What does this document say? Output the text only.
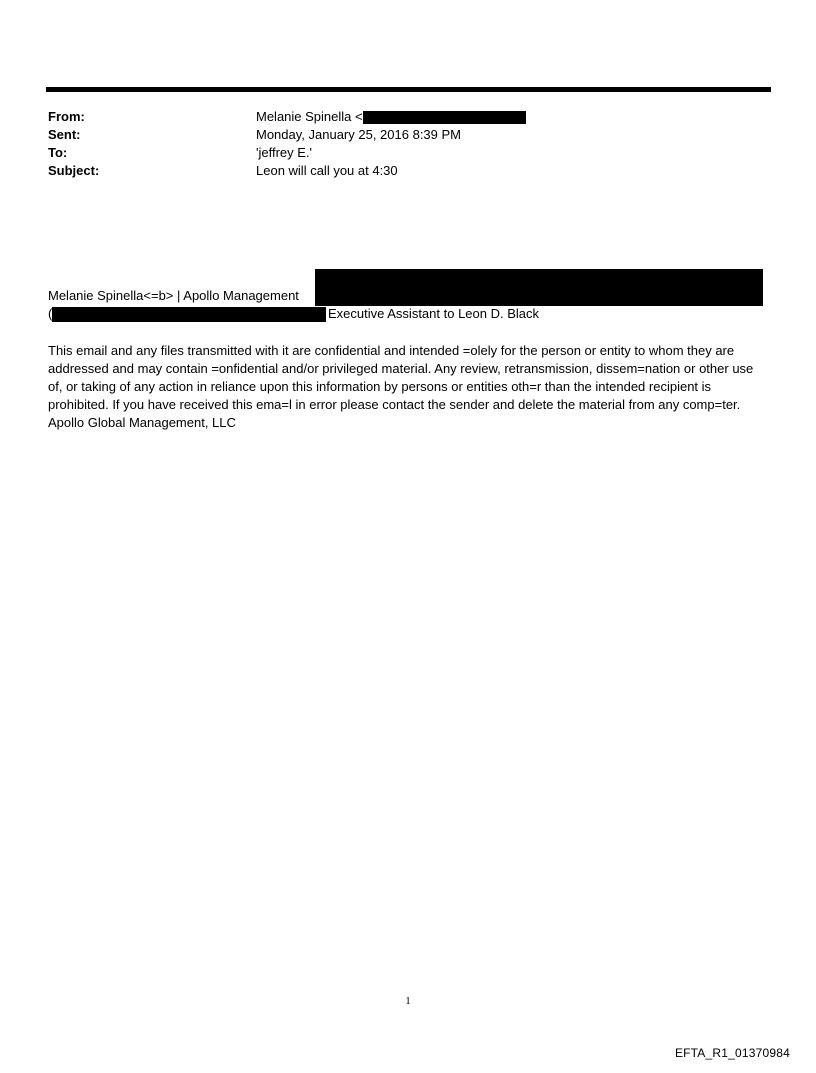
From:	Melanie Spinella <
Sent:	Monday, January 25, 2016 8:39 PM
To:	'jeffrey E.'
Subject:	Leon will call you at 4:30
Melanie Spinella<=b> | Apollo Management
(	Executive Assistant to Leon D. Black
This email and any files transmitted with it are confidential and intended =olely for the person or entity to whom they are addressed and may contain =onfidential and/or privileged material. Any review, retransmission, dissem=nation or other use of, or taking of any action in reliance upon this information by persons or entities oth=r than the intended recipient is prohibited. If you have received this ema=l in error please contact the sender and delete the material from any comp=ter. Apollo Global Management, LLC
1
EFTA_R1_01370984
